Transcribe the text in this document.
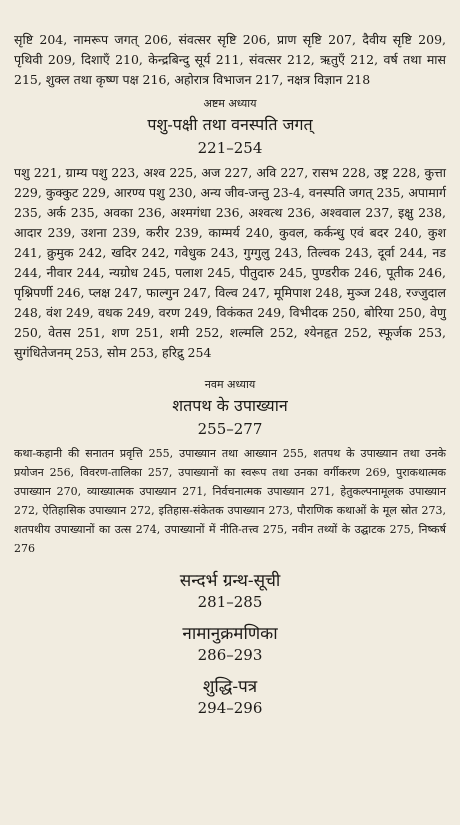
सृष्टि 204, नामरूप जगत् 206, संवत्सर सृष्टि 206, प्राण सृष्टि 207, दैवीय सृष्टि 209, पृथिवी 209, दिशाएँ 210, केन्द्रबिन्दु सूर्य 211, संवत्सर 212, ऋतुएँ 212, वर्ष तथा मास 215, शुक्ल तथा कृष्ण पक्ष 216, अहोरात्र विभाजन 217, नक्षत्र विज्ञान 218

अष्टम अध्याय
पशु-पक्षी तथा वनस्पति जगत्
221–254

पशु 221, ग्राम्य पशु 223, अश्व 225, अज 227, अवि 227, रासभ 228, उष्ट्र 228, कुत्ता 229, कुक्कुट 229, आरण्य पशु 230, अन्य जीव-जन्तु 23-4, वनस्पति जगत् 235, अपामार्ग 235, अर्क 235, अवका 236, अश्मगंधा 236, अश्वत्थ 236, अश्ववाल 237, इक्षु 238, आदार 239, उशना 239, करीर 239, काम्मर्य 240, कुवल, कर्कन्धु एवं बदर 240, कुश 241, क्रुमुक 242, खदिर 242, गवेधुक 243, गुग्गुलु 243, तिल्वक 243, दूर्वा 244, नड 244, नीवार 244, न्यग्रोध 245, पलाश 245, पीतुदारु 245, पुण्डरीक 246, पूतीक 246, पृश्निपर्णी 246, प्लक्ष 247, फाल्गुन 247, विल्व 247, मूमिपाश 248, मुञ्ज 248, रज्जुदाल 248, वंश 249, वधक 249, वरण 249, विकंकत 249, विभीदक 250, बोरिया 250, वेणु 250, वेतस 251, शण 251, शमी 252, शल्मलि 252, श्येनहृत 252, स्फूर्जक 253, सुगंधितेजनम् 253, सोम 253, हरिद्रु 254

नवम अध्याय
शतपथ के उपाख्यान
255–277

कथा-कहानी की सनातन प्रवृत्ति 255, उपाख्यान तथा आख्यान 255, शतपथ के उपाख्यान तथा उनके प्रयोजन 256, विवरण-तालिका 257, उपाख्यानों का स्वरूप तथा उनका वर्गीकरण 269, पुराकथात्मक उपाख्यान 270, व्याख्यात्मक उपाख्यान 271, निर्वचनात्मक उपाख्यान 271, हेतुकल्पनामूलक उपाख्यान 272, ऐतिहासिक उपाख्यान 272, इतिहास-संकेतक उपाख्यान 273, पौराणिक कथाओं के मूल स्रोत 273, शतपथीय उपाख्यानों का उत्स 274, उपाख्यानों में नीति-तत्त्व 275, नवीन तथ्यों के उद्घाटक 275, निष्कर्ष 276

सन्दर्भ ग्रन्थ-सूची
281–285
नामानुक्रमणिका
286–293
शुद्धि-पत्र
294–296
